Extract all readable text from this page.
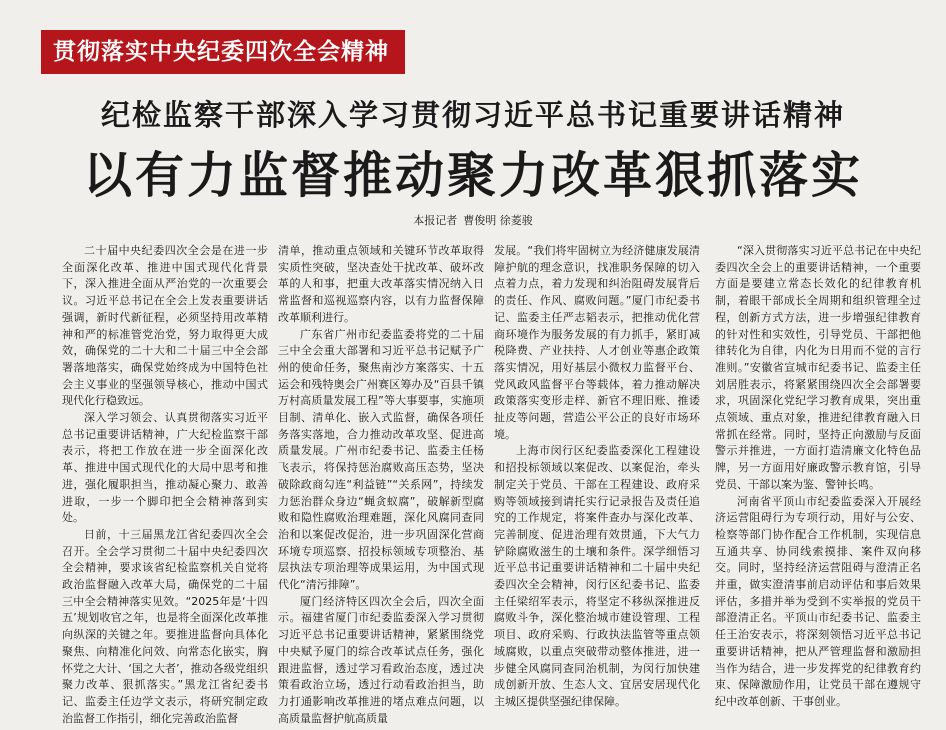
贯彻落实中央纪委四次全会精神
纪检监察干部深入学习贯彻习近平总书记重要讲话精神
以有力监督推动聚力改革狠抓落实
本报记者 曹俊明 徐菱骏

二十届中央纪委四次全会是在进一步全面深化改革、推进中国式现代化背景下，深入推进全面从严治党的一次重要会议。习近平总书记在全会上发表重要讲话强调，新时代新征程，必须坚持用改革精神和严的标准管党治党，努力取得更大成效，确保党的二十大和二十届三中全会部署落地落实，确保党始终成为中国特色社会主义事业的坚强领导核心，推动中国式现代化行稳致远。

深入学习领会、认真贯彻落实习近平总书记重要讲话精神，广大纪检监察干部表示，将把工作放在进一步全面深化改革、推进中国式现代化的大局中思考和推进，强化履职担当，推动凝心聚力、敢善进取，一步一个脚印把全会精神落到实处。

日前，十三届黑龙江省纪委四次全会召开。全会学习贯彻二十届中央纪委四次全会精神，要求该省纪检监察机关自觉将政治监督融入改革大局，确保党的二十届三中全会精神落实见效。“2025年是‘十四五’规划收官之年，也是将全面深化改革推向纵深的关键之年。要推进监督向具体化聚焦、向精准化问效、向常态化嵌实，胸怀党之大计、‘国之大者’，推动各级党组织聚力改革、狠抓落实。”黑龙江省纪委书记、监委主任边学文表示，将研究制定政治监督工作指引，细化完善政治监督

清单，推动重点领域和关键环节改革取得实质性突破，坚决查处干扰改革、破坏改革的人和事，把重大改革落实情况纳入日常监督和巡视巡察内容，以有力监督保障改革顺利进行。

广东省广州市纪委监委将党的二十届三中全会重大部署和习近平总书记赋予广州的使命任务，聚焦南沙方案落实、十五运会和残特奥会广州赛区筹办及“百县千镇万村高质量发展工程”等大事要事，实施项目制、清单化、嵌入式监督，确保各项任务落实落地，合力推动改革攻坚、促进高质量发展。广州市纪委书记、监委主任杨飞表示，将保持惩治腐败高压态势，坚决破除政商勾连“利益链”“关系网”，持续发力惩治群众身边“蝇贪蚁腐”，破解新型腐败和隐性腐败治理难题，深化风腐同查同治和以案促改促治，进一步巩固深化营商环境专项巡察、招投标领域专项整治、基层执法专项治理等成果运用，为中国式现代化“清污排障”。

厦门经济特区四次全会后，四次全面示。福建省厦门市纪委监委深入学习贯彻习近平总书记重要讲话精神，紧紧围绕党中央赋予厦门的综合改革试点任务，强化跟进监督，透过学习看政治态度，透过决策看政治立场，透过行动看政治担当，助力打通影响改革推进的堵点难点问题，以高质量监督护航高质量

发展。“我们将牢固树立为经济健康发展清障护航的理念意识，找准职务保障的切入点着力点，着力发现和纠治阻碍发展背后的责任、作风、腐败问题。”厦门市纪委书记、监委主任严志韬表示，把推动优化营商环境作为服务发展的有力抓手，紧盯减税降费、产业扶持、人才创业等惠企政策落实情况，用好基层小微权力监督平台、党风政风监督平台等载体，着力推动解决政策落实变形走样、新官不理旧账、推诿扯皮等问题，营造公平公正的良好市场环境。

上海市闵行区纪委监委深化工程建设和招投标领域以案促改、以案促治，牵头制定关于党员、干部在工程建设、政府采购等领域接到请托实行记录报告及责任追究的工作规定，将案件查办与深化改革、完善制度、促进治理有效贯通，下大气力铲除腐败滋生的土壤和条件。深学细悟习近平总书记重要讲话精神和二十届中央纪委四次全会精神，闵行区纪委书记、监委主任梁绍军表示，将坚定不移纵深推进反腐败斗争，深化整治城市建设管理、工程项目、政府采购、行政执法监管等重点领域腐败，以重点突破带动整体推进，进一步健全风腐同查同治机制，为闵行加快建成创新开放、生态人文、宜居安居现代化主城区提供坚强纪律保障。

“深入贯彻落实习近平总书记在中央纪委四次全会上的重要讲话精神，一个重要方面是要建立常态长效化的纪律教育机制，着眼干部成长全周期和组织管理全过程，创新方式方法，进一步增强纪律教育的针对性和实效性，引导党员、干部把他律转化为自律，内化为日用而不觉的言行准则。”安徽省宣城市纪委书记、监委主任刘居胜表示，将紧紧围绕四次全会部署要求，巩固深化党纪学习教育成果，突出重点领域、重点对象，推进纪律教育融入日常抓在经常。同时，坚持正向激励与反面警示并推进，一方面打造清廉文化特色品牌，另一方面用好廉政警示教育馆，引导党员、干部以案为鉴、警钟长鸣。

河南省平顶山市纪委监委深入开展经济运营阻碍行为专项行动，用好与公安、检察等部门协作配合工作机制，实现信息互通共享、协同线索摸排、案件双向移交。同时，坚持经济运营阻碍与澄清正名并重，做实澄清事前启动评估和事后效果评估，多措并举为受到不实举报的党员干部澄清正名。平顶山市纪委书记、监委主任王治安表示，将深刻领悟习近平总书记重要讲话精神，把从严管理监督和激励担当作为结合，进一步发挥党的纪律教育约束、保障激励作用，让党员干部在遵规守纪中改革创新、干事创业。
